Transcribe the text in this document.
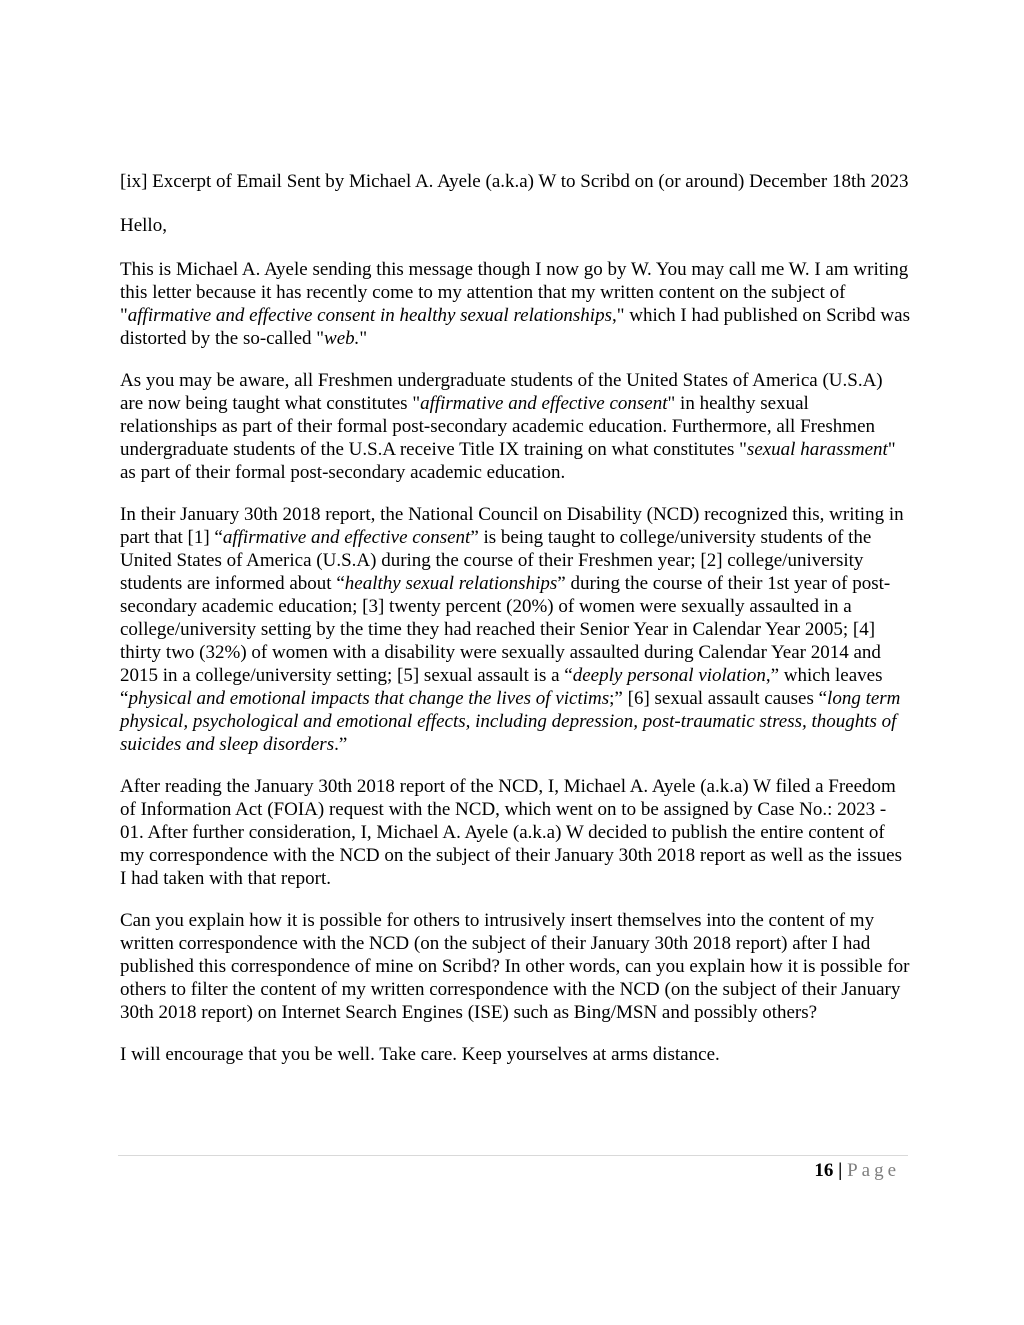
[ix] Excerpt of Email Sent by Michael A. Ayele (a.k.a) W to Scribd on (or around) December 18th 2023

Hello,

This is Michael A. Ayele sending this message though I now go by W. You may call me W. I am writing this letter because it has recently come to my attention that my written content on the subject of "affirmative and effective consent in healthy sexual relationships," which I had published on Scribd was distorted by the so-called "web."

As you may be aware, all Freshmen undergraduate students of the United States of America (U.S.A) are now being taught what constitutes "affirmative and effective consent" in healthy sexual relationships as part of their formal post-secondary academic education. Furthermore, all Freshmen undergraduate students of the U.S.A receive Title IX training on what constitutes "sexual harassment" as part of their formal post-secondary academic education.

In their January 30th 2018 report, the National Council on Disability (NCD) recognized this, writing in part that [1] “affirmative and effective consent” is being taught to college/university students of the United States of America (U.S.A) during the course of their Freshmen year; [2] college/university students are informed about “healthy sexual relationships” during the course of their 1st year of post-secondary academic education; [3] twenty percent (20%) of women were sexually assaulted in a college/university setting by the time they had reached their Senior Year in Calendar Year 2005; [4] thirty two (32%) of women with a disability were sexually assaulted during Calendar Year 2014 and 2015 in a college/university setting; [5] sexual assault is a “deeply personal violation,” which leaves “physical and emotional impacts that change the lives of victims;” [6] sexual assault causes “long term physical, psychological and emotional effects, including depression, post-traumatic stress, thoughts of suicides and sleep disorders.”

After reading the January 30th 2018 report of the NCD, I, Michael A. Ayele (a.k.a) W filed a Freedom of Information Act (FOIA) request with the NCD, which went on to be assigned by Case No.: 2023 - 01. After further consideration, I, Michael A. Ayele (a.k.a) W decided to publish the entire content of my correspondence with the NCD on the subject of their January 30th 2018 report as well as the issues I had taken with that report.

Can you explain how it is possible for others to intrusively insert themselves into the content of my written correspondence with the NCD (on the subject of their January 30th 2018 report) after I had published this correspondence of mine on Scribd? In other words, can you explain how it is possible for others to filter the content of my written correspondence with the NCD (on the subject of their January 30th 2018 report) on Internet Search Engines (ISE) such as Bing/MSN and possibly others?

I will encourage that you be well. Take care. Keep yourselves at arms distance.

16 | Page
